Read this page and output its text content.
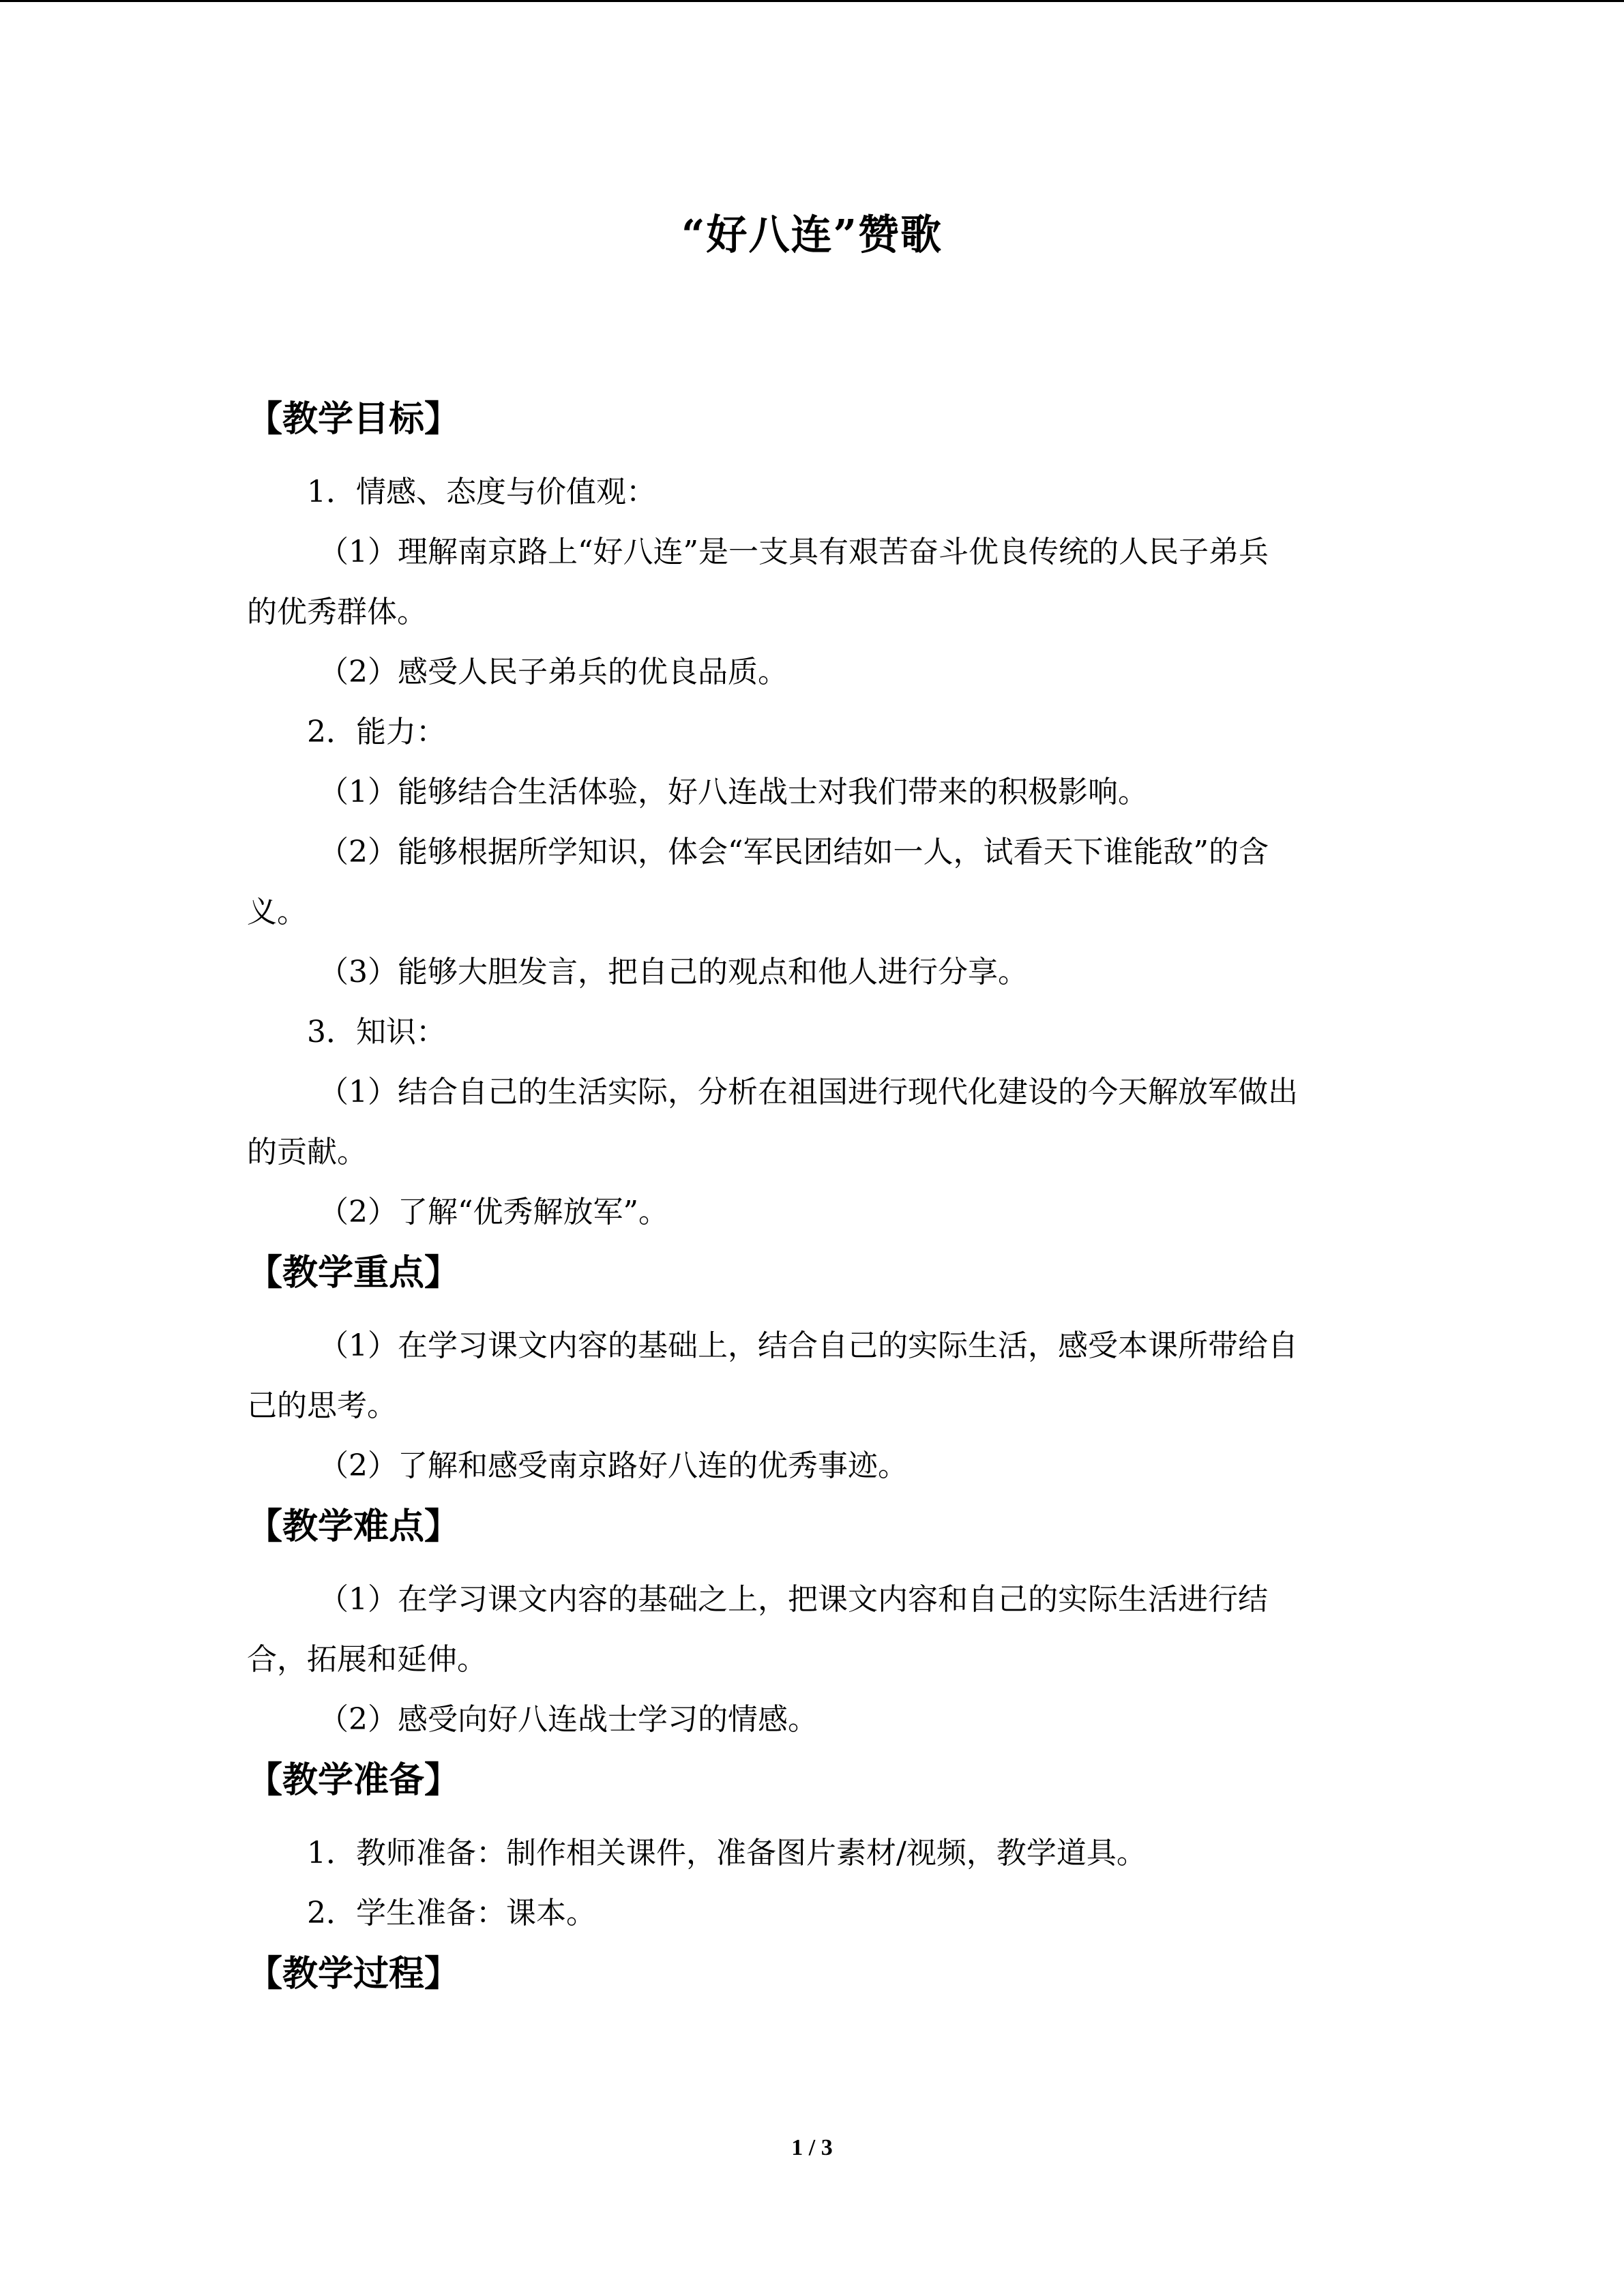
“好八连”赞歌
【教学目标】
1．情感、态度与价值观：
（1）理解南京路上“好八连”是一支具有艰苦奋斗优良传统的人民子弟兵
的优秀群体。
（2）感受人民子弟兵的优良品质。
2．能力：
（1）能够结合生活体验，好八连战士对我们带来的积极影响。
（2）能够根据所学知识，体会“军民团结如一人，试看天下谁能敌”的含
义。
（3）能够大胆发言，把自己的观点和他人进行分享。
3．知识：
（1）结合自己的生活实际，分析在祖国进行现代化建设的今天解放军做出
的贡献。
（2）了解“优秀解放军”。
【教学重点】
（1）在学习课文内容的基础上，结合自己的实际生活，感受本课所带给自
己的思考。
（2）了解和感受南京路好八连的优秀事迹。
【教学难点】
（1）在学习课文内容的基础之上，把课文内容和自己的实际生活进行结
合，拓展和延伸。
（2）感受向好八连战士学习的情感。
【教学准备】
1．教师准备：制作相关课件，准备图片素材/视频，教学道具。
2．学生准备：课本。
【教学过程】
1 / 3
